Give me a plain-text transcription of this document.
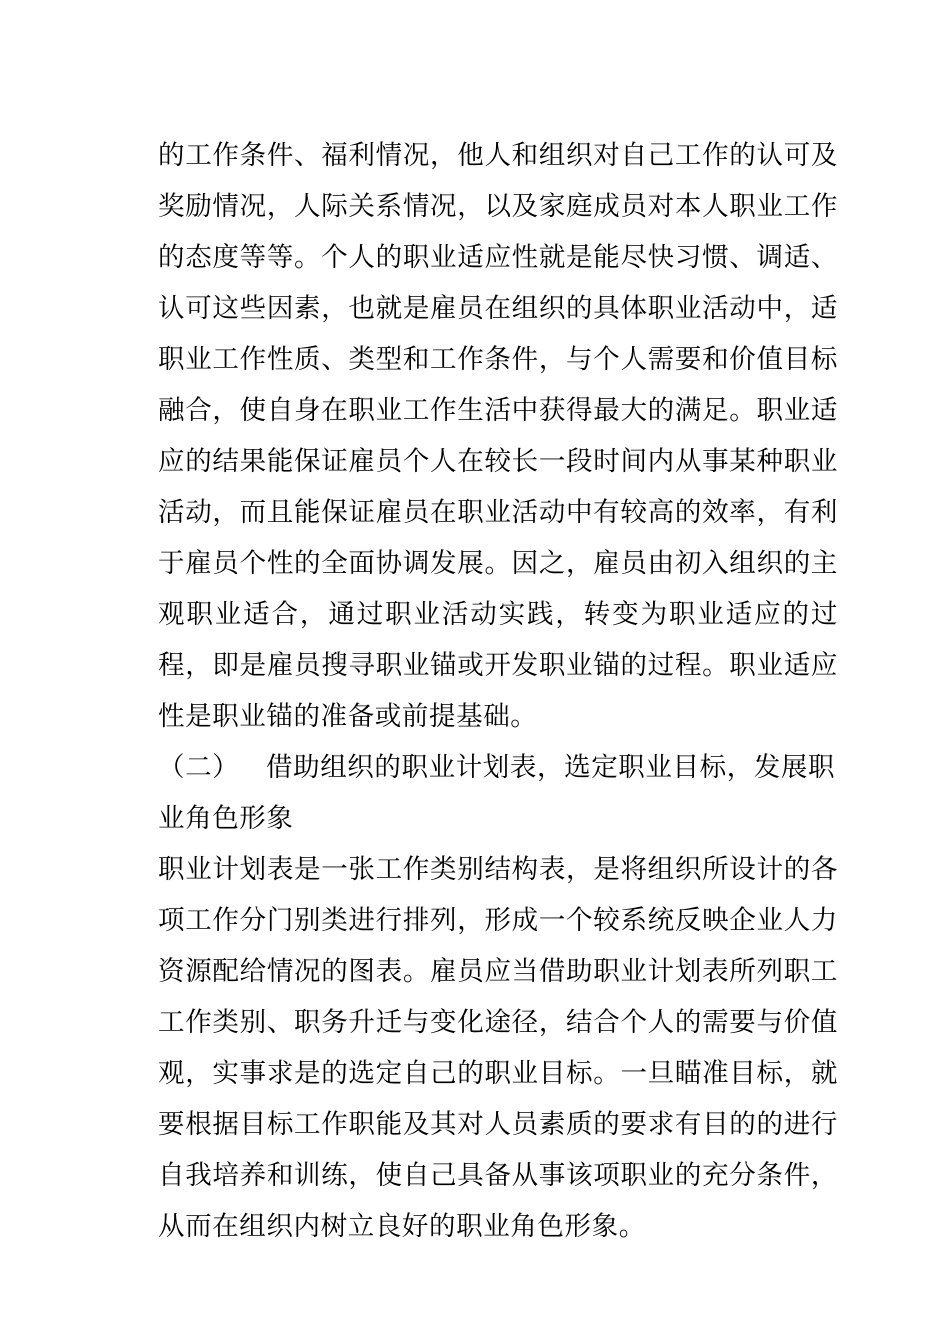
的工作条件、福利情况，他人和组织对自己工作的认可及
奖励情况，人际关系情况，以及家庭成员对本人职业工作
的态度等等。个人的职业适应性就是能尽快习惯、调适、
认可这些因素，也就是雇员在组织的具体职业活动中，适
职业工作性质、类型和工作条件，与个人需要和价值目标
融合，使自身在职业工作生活中获得最大的满足。职业适
应的结果能保证雇员个人在较长一段时间内从事某种职业
活动，而且能保证雇员在职业活动中有较高的效率，有利
于雇员个性的全面协调发展。因之，雇员由初入组织的主
观职业适合，通过职业活动实践，转变为职业适应的过
程，即是雇员搜寻职业锚或开发职业锚的过程。职业适应
性是职业锚的准备或前提基础。
（二） 借助组织的职业计划表，选定职业目标，发展职
业角色形象
职业计划表是一张工作类别结构表，是将组织所设计的各
项工作分门别类进行排列，形成一个较系统反映企业人力
资源配给情况的图表。雇员应当借助职业计划表所列职工
工作类别、职务升迁与变化途径，结合个人的需要与价值
观，实事求是的选定自己的职业目标。一旦瞄准目标，就
要根据目标工作职能及其对人员素质的要求有目的的进行
自我培养和训练，使自己具备从事该项职业的充分条件，
从而在组织内树立良好的职业角色形象。
